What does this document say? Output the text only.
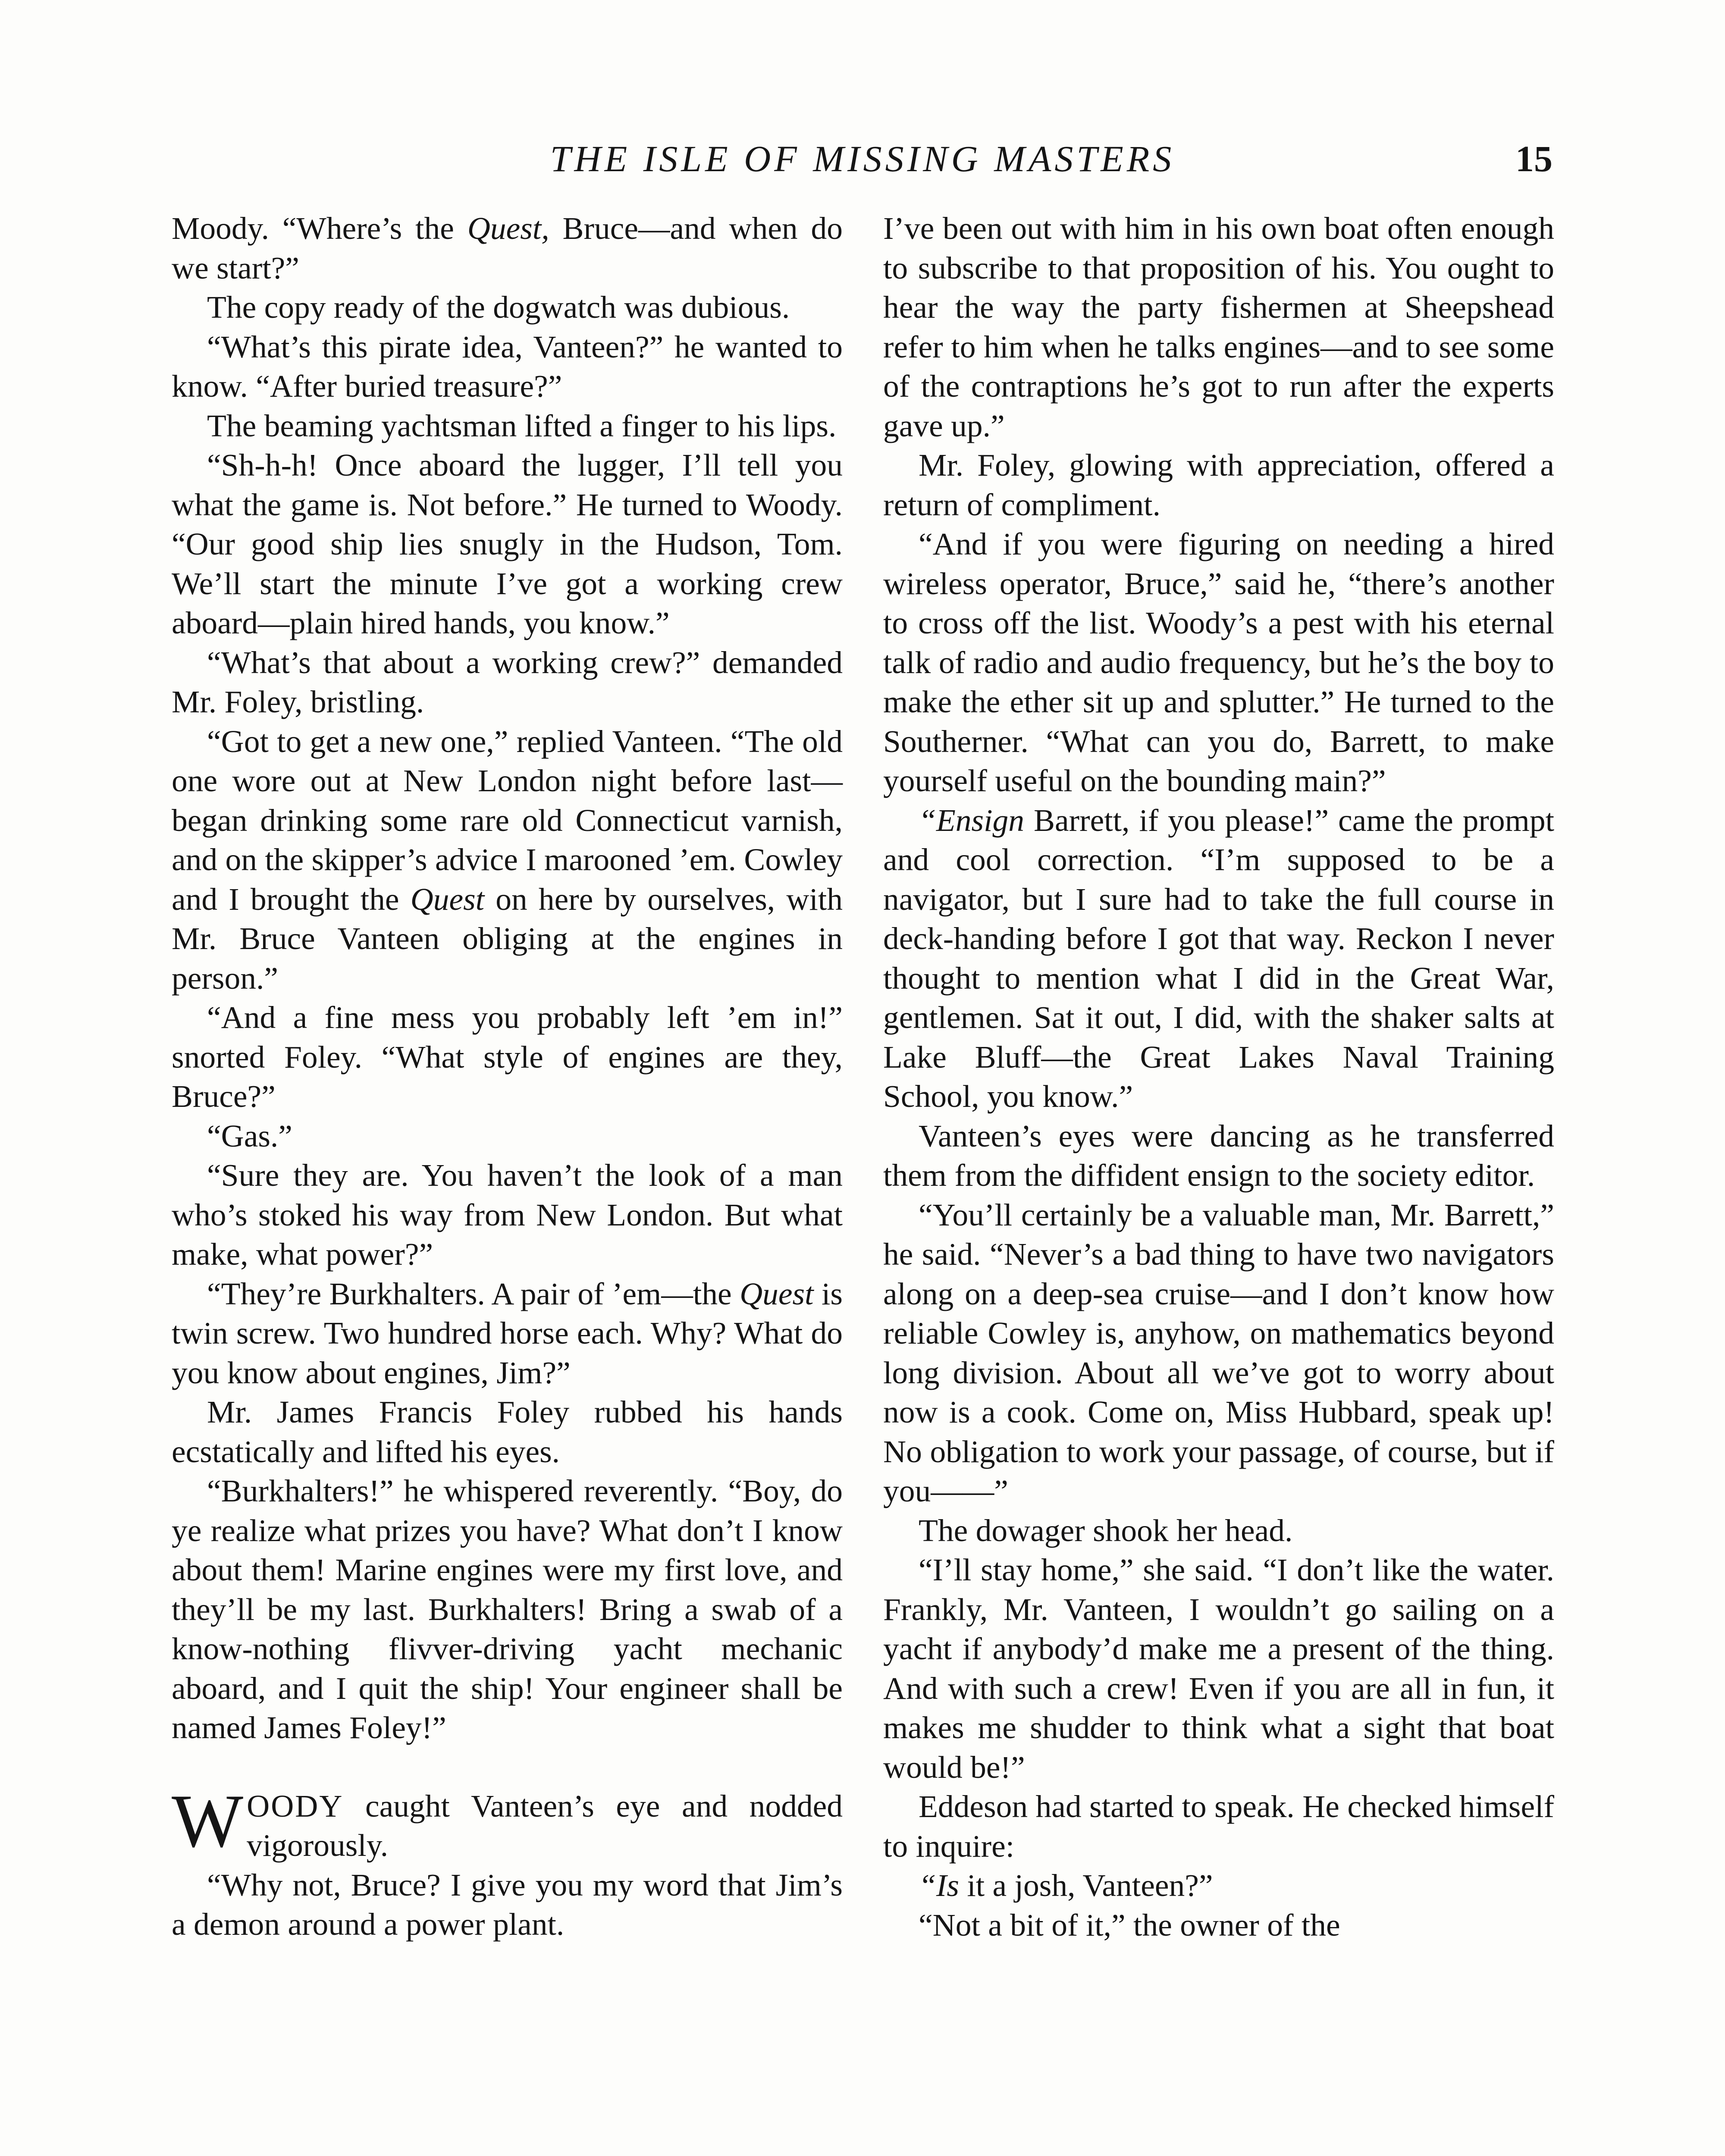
THE ISLE OF MISSING MASTERS	15

Moody. “Where’s the Quest, Bruce—and when do we start?”

The copy ready of the dogwatch was dubious.

“What’s this pirate idea, Vanteen?” he wanted to know. “After buried treasure?”

The beaming yachtsman lifted a finger to his lips.

“Sh-h-h! Once aboard the lugger, I’ll tell you what the game is. Not before.” He turned to Woody. “Our good ship lies snugly in the Hudson, Tom. We’ll start the minute I’ve got a working crew aboard—plain hired hands, you know.”

“What’s that about a working crew?” demanded Mr. Foley, bristling.

“Got to get a new one,” replied Vanteen. “The old one wore out at New London night before last—began drinking some rare old Connecticut varnish, and on the skipper’s advice I marooned ’em. Cowley and I brought the Quest on here by ourselves, with Mr. Bruce Vanteen obliging at the engines in person.”

“And a fine mess you probably left ’em in!” snorted Foley. “What style of engines are they, Bruce?”

“Gas.”

“Sure they are. You haven’t the look of a man who’s stoked his way from New London. But what make, what power?”

“They’re Burkhalters. A pair of ’em—the Quest is twin screw. Two hundred horse each. Why? What do you know about engines, Jim?”

Mr. James Francis Foley rubbed his hands ecstatically and lifted his eyes.

“Burkhalters!” he whispered reverently. “Boy, do ye realize what prizes you have? What don’t I know about them! Marine engines were my first love, and they’ll be my last. Burkhalters! Bring a swab of a know-nothing flivver-driving yacht mechanic aboard, and I quit the ship! Your engineer shall be named James Foley!”

WOODY caught Vanteen’s eye and nodded vigorously.

“Why not, Bruce? I give you my word that Jim’s a demon around a power plant.

I’ve been out with him in his own boat often enough to subscribe to that proposition of his. You ought to hear the way the party fishermen at Sheepshead refer to him when he talks engines—and to see some of the contraptions he’s got to run after the experts gave up.”

Mr. Foley, glowing with appreciation, offered a return of compliment.

“And if you were figuring on needing a hired wireless operator, Bruce,” said he, “there’s another to cross off the list. Woody’s a pest with his eternal talk of radio and audio frequency, but he’s the boy to make the ether sit up and splutter.” He turned to the Southerner. “What can you do, Barrett, to make yourself useful on the bounding main?”

“Ensign Barrett, if you please!” came the prompt and cool correction. “I’m supposed to be a navigator, but I sure had to take the full course in deck-handing before I got that way. Reckon I never thought to mention what I did in the Great War, gentlemen. Sat it out, I did, with the shaker salts at Lake Bluff—the Great Lakes Naval Training School, you know.”

Vanteen’s eyes were dancing as he transferred them from the diffident ensign to the society editor.

“You’ll certainly be a valuable man, Mr. Barrett,” he said. “Never’s a bad thing to have two navigators along on a deep-sea cruise—and I don’t know how reliable Cowley is, anyhow, on mathematics beyond long division. About all we’ve got to worry about now is a cook. Come on, Miss Hubbard, speak up! No obligation to work your passage, of course, but if you——”

The dowager shook her head.

“I’ll stay home,” she said. “I don’t like the water. Frankly, Mr. Vanteen, I wouldn’t go sailing on a yacht if anybody’d make me a present of the thing. And with such a crew! Even if you are all in fun, it makes me shudder to think what a sight that boat would be!”

Eddeson had started to speak. He checked himself to inquire:

“Is it a josh, Vanteen?”

“Not a bit of it,” the owner of the
